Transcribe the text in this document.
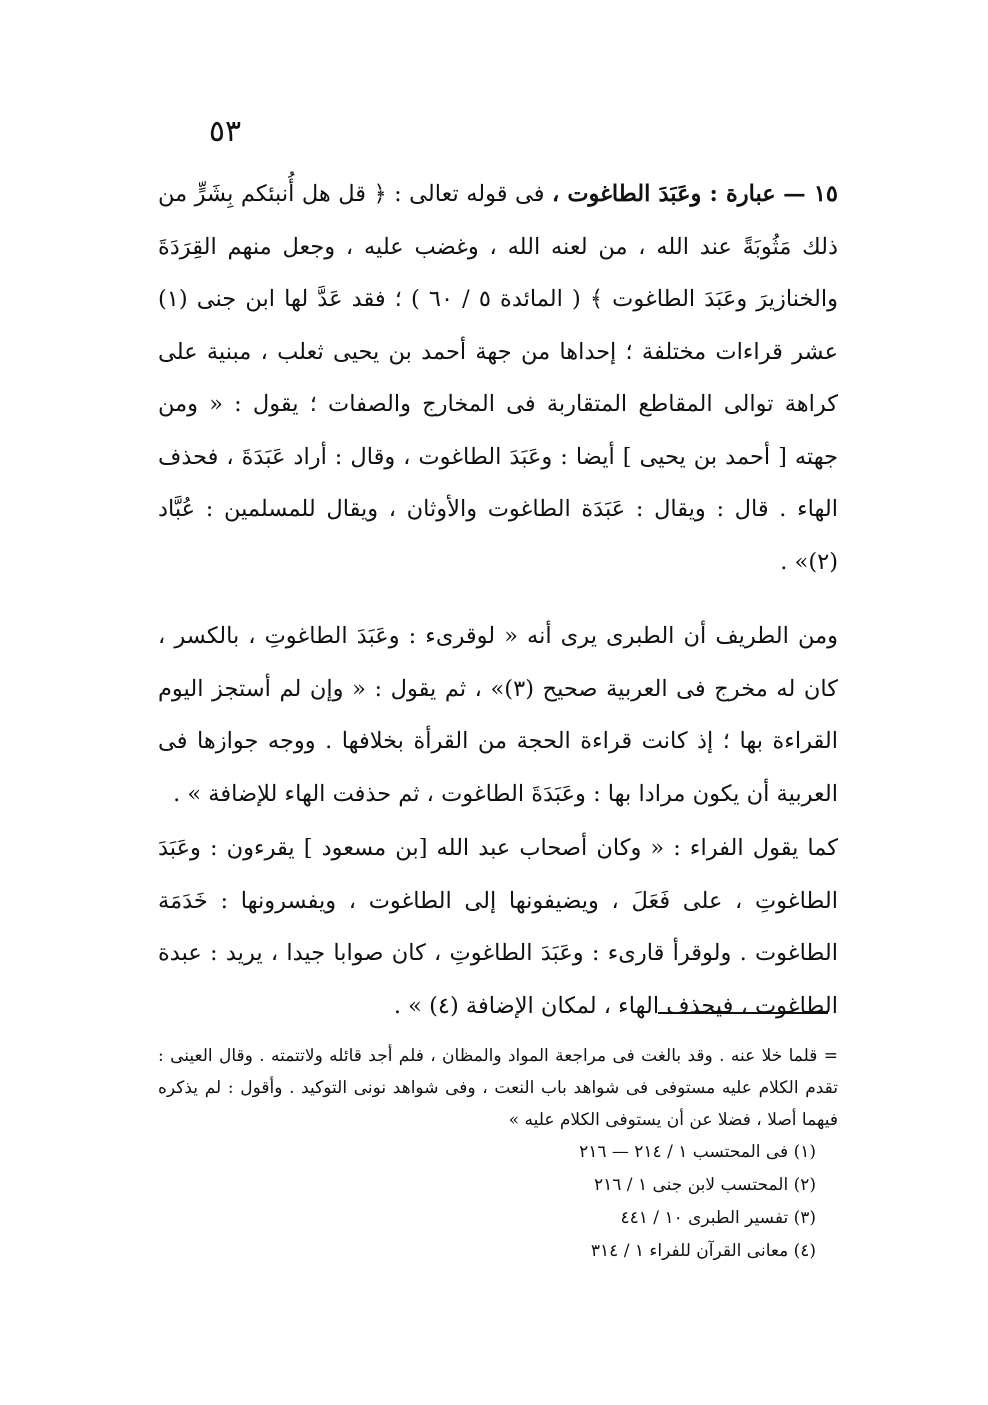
٥٣

١٥ — عبارة : وعَبَدَ الطاغوت ، فى قوله تعالى : ﴿ قل هل أُنبئكم بِشَرٍّ من ذلك مَثُوبَةً عند الله ، من لعنه الله ، وغضب عليه ، وجعل منهم القِرَدَةَ والخنازيرَ وعَبَدَ الطاغوت ﴾ ( المائدة ٥ / ٦٠ ) ؛ فقد عَدَّ لها ابن جنى (١) عشر قراءات مختلفة ؛ إحداها من جهة أحمد بن يحيى ثعلب ، مبنية على كراهة توالى المقاطع المتقاربة فى المخارج والصفات ؛ يقول : « ومن جهته [ أحمد بن يحيى ] أيضا : وعَبَدَ الطاغوت ، وقال : أراد عَبَدَةَ ، فحذف الهاء . قال : ويقال : عَبَدَة الطاغوت والأوثان ، ويقال للمسلمين : عُبَّاد (٢)» .

ومن الطريف أن الطبرى يرى أنه « لوقرىء : وعَبَدَ الطاغوتِ ، بالكسر ، كان له مخرج فى العربية صحيح (٣)» ، ثم يقول : « وإن لم أستجز اليوم القراءة بها ؛ إذ كانت قراءة الحجة من القرأة بخلافها . ووجه جوازها فى العربية أن يكون مرادا بها : وعَبَدَةَ الطاغوت ، ثم حذفت الهاء للإضافة » .

كما يقول الفراء : « وكان أصحاب عبد الله [بن مسعود ] يقرءون : وعَبَدَ الطاغوتِ ، على فَعَلَ ، ويضيفونها إلى الطاغوت ، ويفسرونها : خَدَمَة الطاغوت . ولوقرأ قارىء : وعَبَدَ الطاغوتِ ، كان صوابا جيدا ، يريد : عبدة الطاغوت ، فيحذف الهاء ، لمكان الإضافة (٤) » .

= قلما خلا عنه . وقد بالغت فى مراجعة المواد والمظان ، فلم أجد قائله ولاتتمته . وقال العينى : تقدم الكلام عليه مستوفى فى شواهد باب النعت ، وفى شواهد نونى التوكيد . وأقول : لم يذكره فيهما أصلا ، فضلا عن أن يستوفى الكلام عليه »

(١) فى المحتسب ١ / ٢١٤ — ٢١٦
(٢) المحتسب لابن جنى ١ / ٢١٦
(٣) تفسير الطبرى ١٠ / ٤٤١
(٤) معانى القرآن للفراء ١ / ٣١٤
